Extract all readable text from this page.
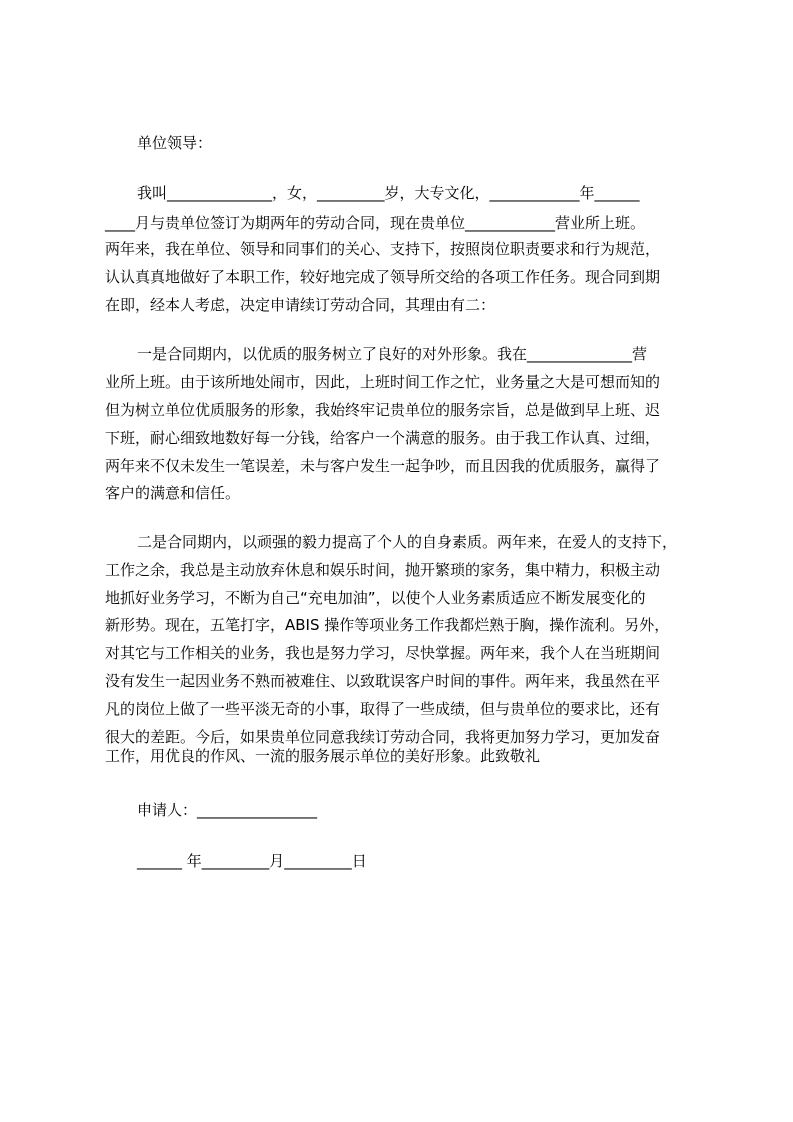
单位领导：
我叫______________，女，_________岁，大专文化，____________年______
____月与贵单位签订为期两年的劳动合同，现在贵单位____________营业所上班。
两年来，我在单位、领导和同事们的关心、支持下，按照岗位职责要求和行为规范，
认认真真地做好了本职工作，较好地完成了领导所交给的各项工作任务。现合同到期
在即，经本人考虑，决定申请续订劳动合同，其理由有二：
一是合同期内，以优质的服务树立了良好的对外形象。我在______________营
业所上班。由于该所地处闹市，因此，上班时间工作之忙，业务量之大是可想而知的
但为树立单位优质服务的形象，我始终牢记贵单位的服务宗旨，总是做到早上班、迟
下班，耐心细致地数好每一分钱，给客户一个满意的服务。由于我工作认真、过细，
两年来不仅未发生一笔误差，未与客户发生一起争吵，而且因我的优质服务，赢得了
客户的满意和信任。
二是合同期内，以顽强的毅力提高了个人的自身素质。两年来，在爱人的支持下，
工作之余，我总是主动放弃休息和娱乐时间，抛开繁琐的家务，集中精力，积极主动
地抓好业务学习，不断为自己“充电加油”，以使个人业务素质适应不断发展变化的
新形势。现在，五笔打字，ABIS 操作等项业务工作我都烂熟于胸，操作流利。另外，
对其它与工作相关的业务，我也是努力学习，尽快掌握。两年来，我个人在当班期间
没有发生一起因业务不熟而被难住、以致耽误客户时间的事件。两年来，我虽然在平
凡的岗位上做了一些平淡无奇的小事，取得了一些成绩，但与贵单位的要求比，还有
很大的差距。今后，如果贵单位同意我续订劳动合同，我将更加努力学习，更加发奋
工作，用优良的作风、一流的服务展示单位的美好形象。此致敬礼
申请人：________________
______ 年_________月_________日
